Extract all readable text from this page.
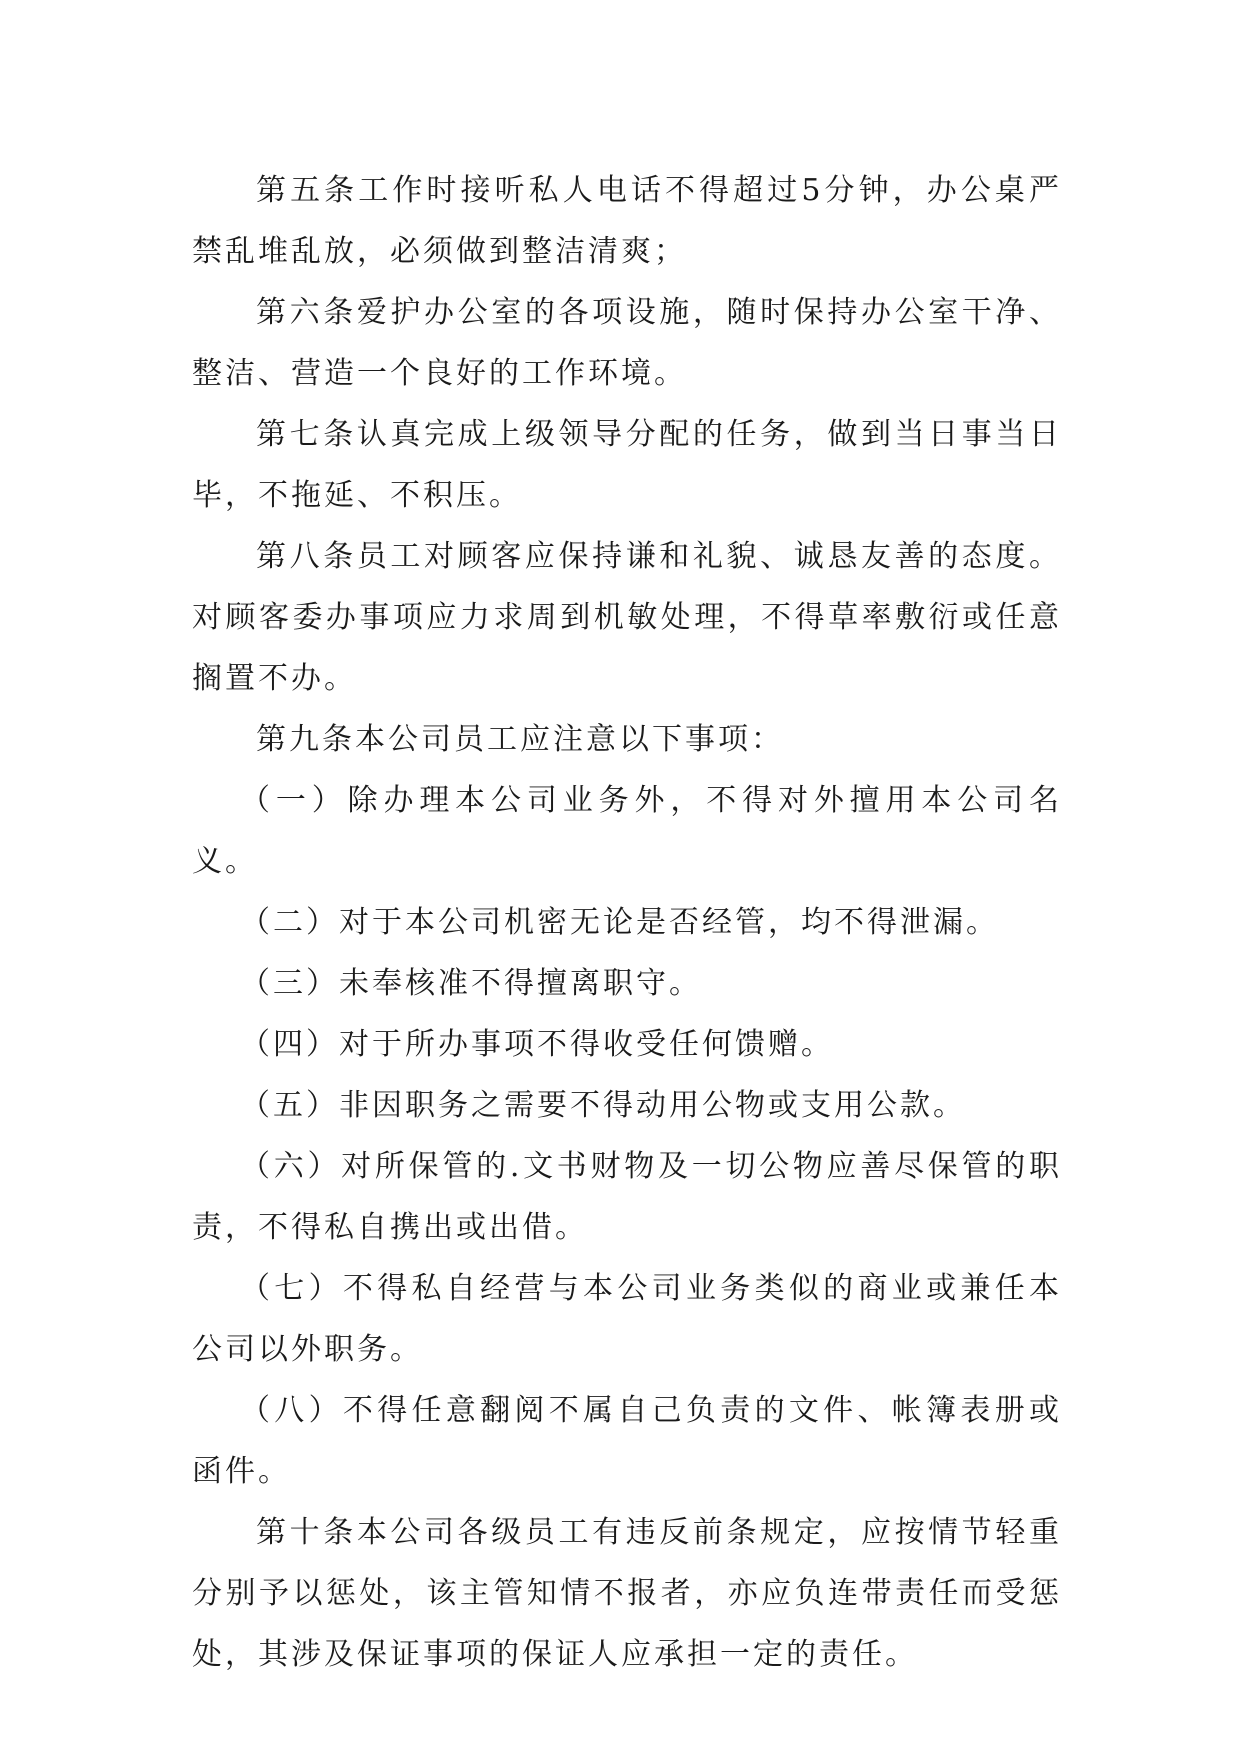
第五条工作时接听私人电话不得超过5分钟，办公桌严禁乱堆乱放，必须做到整洁清爽；

第六条爱护办公室的各项设施，随时保持办公室干净、整洁、营造一个良好的工作环境。

第七条认真完成上级领导分配的任务，做到当日事当日毕，不拖延、不积压。

第八条员工对顾客应保持谦和礼貌、诚恳友善的态度。对顾客委办事项应力求周到机敏处理，不得草率敷衍或任意搁置不办。

第九条本公司员工应注意以下事项：

（一）除办理本公司业务外，不得对外擅用本公司名义。

（二）对于本公司机密无论是否经管，均不得泄漏。

（三）未奉核准不得擅离职守。

（四）对于所办事项不得收受任何馈赠。

（五）非因职务之需要不得动用公物或支用公款。

（六）对所保管的.文书财物及一切公物应善尽保管的职责，不得私自携出或出借。

（七）不得私自经营与本公司业务类似的商业或兼任本公司以外职务。

（八）不得任意翻阅不属自己负责的文件、帐簿表册或函件。

第十条本公司各级员工有违反前条规定，应按情节轻重分别予以惩处，该主管知情不报者，亦应负连带责任而受惩处，其涉及保证事项的保证人应承担一定的责任。
